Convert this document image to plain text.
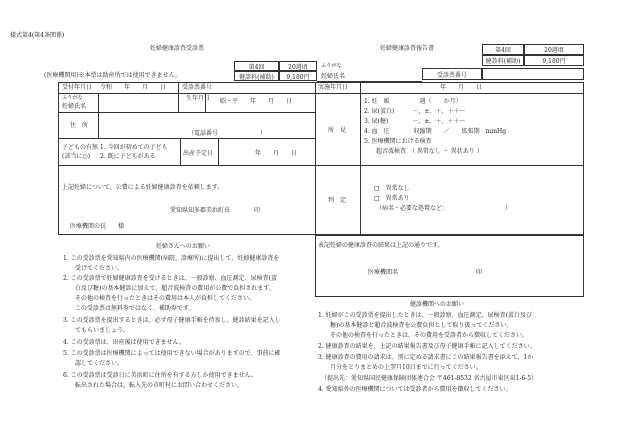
様式第4(第4条関係)
妊婦健康診査受診票	妊婦健康診査報告書	第4回	20週頃
健診料(補助)	9,180円
第4回	20週頃
健診料(補助)	9,180円
(医療機関用)※本票は助産所では使用できません。
ふりがな
妊婦氏名	受診票番号
受付年月日 令和　　年　　月　　日	受診票番号
ふりがな
妊婦氏名
生年月日 昭・平　　年　　月　　日
住　所
（電話番号　　　　　　　）
子どもの有無
(該当に○)
1. 今回が初めての子ども
2. 既に子どもがある	出産予定日	年　　月　　日
上記妊婦について、公費による妊婦健康診査を依頼します。
愛知県知多郡美浜町長　　　　印
医療機関の長　　様
実施年月日	年　　月　　日
所　見
1. 妊　娠　　　　　週（　　か月）
2. 尿(蛋白)　　　－、±、＋、＋＋～
3. 尿(糖)　　　　－、±、＋、＋＋～
4. 血　圧　　　　収縮期　　／　　拡張期　mmHg
5. 医療機関における検査
　　超音波検査　（ 異常なし ・ 異状あり ）
判　定
□　異常なし
□　異常あり
（病名・必要な処置など：　　　　　　　　　　）
表記妊婦の健康診査の結果は上記の通りです。
医療機関名　　　　　　　　　　　　　印
妊婦さんへのお願い
1. この受診票を愛知県内の医療機関(病院、診療所)に提出して、妊婦健康診査を
　　受けてください。
2. この受診票で妊婦健康診査を受けるときは、一般診察、血圧測定、尿検査(蛋
　　白及び糖)の基本健診に加えて、超音波検査の費用が公費で負担されます。
　　その他の検査を行ったときはその費用は本人が負担してください。
　　この受診票は無料券ではなく、補助券です。
3. この受診票を提出するときは、必ず母子健康手帳を持参し、健診結果を記入し
　　てもらいましょう。
4. この受診票は、出産後は使用できません。
5. この受診票は医療機関によっては使用できない場合がありますので、事前に確
　　認してください。
6. この受診票は受診日に美浜町に住所を有する方しか使用できません。
　　転出された場合は、転入先の市町村にお問い合わせください。
健診機関へのお願い
1. 妊婦がこの受診票を提出したときは、一般診察、血圧測定、尿検査(蛋白及び
　　糖)の基本健診と超音波検査を公費負担として取り扱ってください。
　　その他の検査を行ったときは、その費用を受診者から徴収してください。
2. 健康診査の結果を、上記の結果報告書及び母子健康手帳に記入してください。
3. 健康診査の費用の請求は、別に定める請求書にこの結果報告書を添えて、1か
　　月分をとりまとめの上翌月10日までに行ってください。
　（提出先：愛知県国民健康保険団体連合会 〒461-8532 名古屋市東区泉1-6-5）
4. 愛知県外の医療機関については受診者から費用を徴収してください。
